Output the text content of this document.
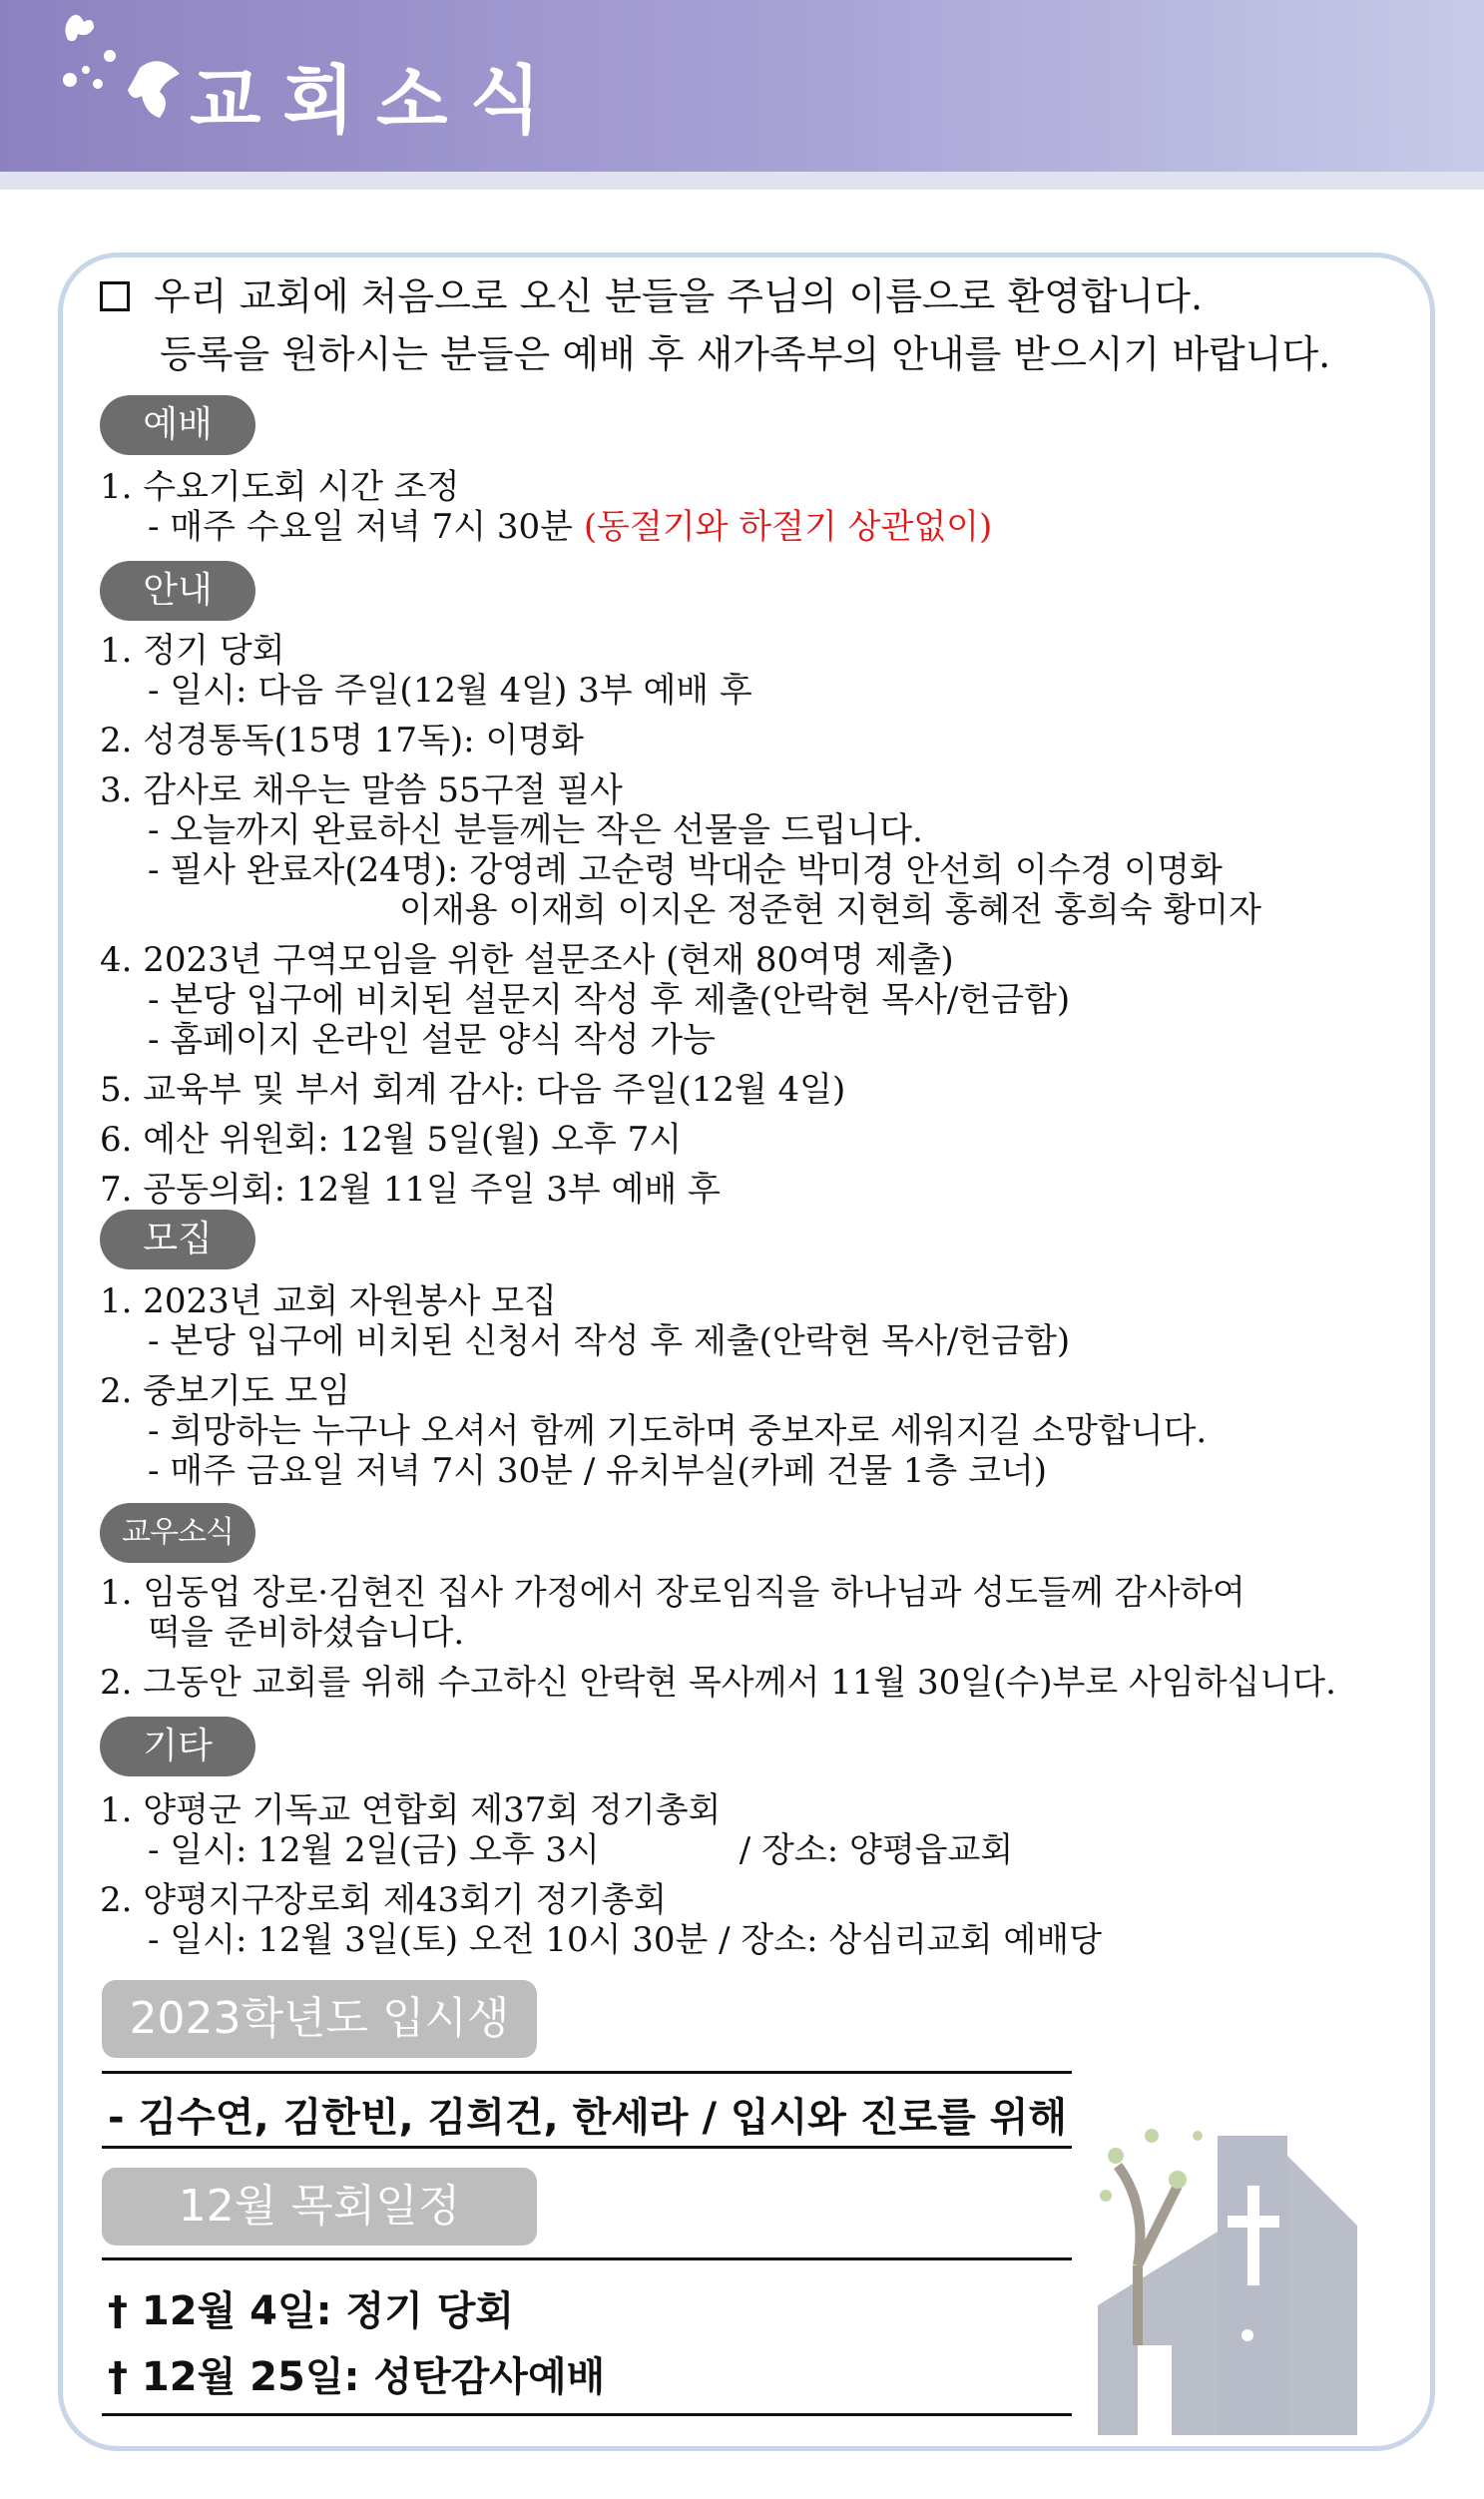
교회소식
우리 교회에 처음으로 오신 분들을 주님의 이름으로 환영합니다.
등록을 원하시는 분들은 예배 후 새가족부의 안내를 받으시기 바랍니다.
예배
1. 수요기도회 시간 조정
- 매주 수요일 저녁 7시 30분 (동절기와 하절기 상관없이)
안내
1. 정기 당회
- 일시: 다음 주일(12월 4일) 3부 예배 후
2. 성경통독(15명 17독): 이명화
3. 감사로 채우는 말씀 55구절 필사
- 오늘까지 완료하신 분들께는 작은 선물을 드립니다.
- 필사 완료자(24명): 강영례 고순령 박대순 박미경 안선희 이수경 이명화
이재용 이재희 이지온 정준현 지현희 홍혜전 홍희숙 황미자
4. 2023년 구역모임을 위한 설문조사 (현재 80여명 제출)
- 본당 입구에 비치된 설문지 작성 후 제출(안락현 목사/헌금함)
- 홈페이지 온라인 설문 양식 작성 가능
5. 교육부 및 부서 회계 감사: 다음 주일(12월 4일)
6. 예산 위원회: 12월 5일(월) 오후 7시
7. 공동의회: 12월 11일 주일 3부 예배 후
모집
1. 2023년 교회 자원봉사 모집
- 본당 입구에 비치된 신청서 작성 후 제출(안락현 목사/헌금함)
2. 중보기도 모임
- 희망하는 누구나 오셔서 함께 기도하며 중보자로 세워지길 소망합니다.
- 매주 금요일 저녁 7시 30분 / 유치부실(카페 건물 1층 코너)
교우소식
1. 임동업 장로·김현진 집사 가정에서 장로임직을 하나님과 성도들께 감사하여
떡을 준비하셨습니다.
2. 그동안 교회를 위해 수고하신 안락현 목사께서 11월 30일(수)부로 사임하십니다.
기타
1. 양평군 기독교 연합회 제37회 정기총회
- 일시: 12월 2일(금) 오후 3시	/ 장소: 양평읍교회
2. 양평지구장로회 제43회기 정기총회
- 일시: 12월 3일(토) 오전 10시 30분 / 장소: 상심리교회 예배당
2023학년도 입시생
- 김수연, 김한빈, 김희건, 한세라 / 입시와 진로를 위해
12월 목회일정
† 12월 4일: 정기 당회
† 12월 25일: 성탄감사예배
